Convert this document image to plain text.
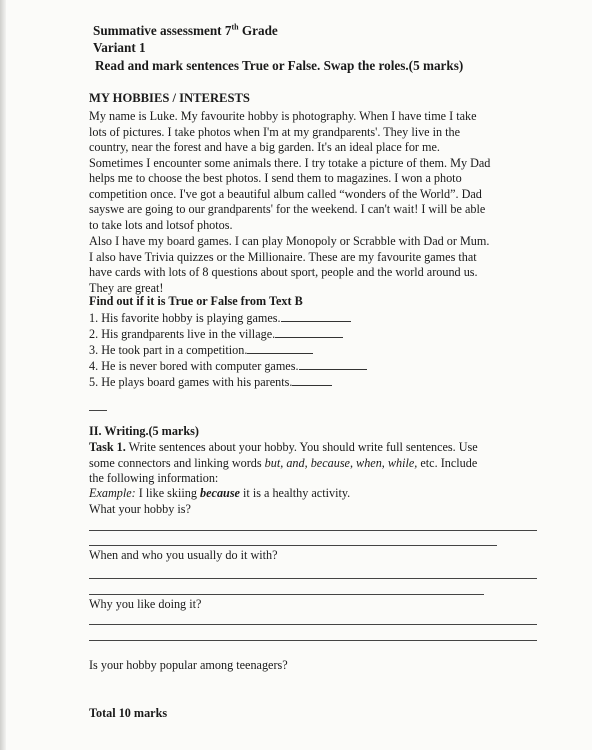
Summative assessment 7th Grade
Variant 1
Read and mark sentences True or False. Swap the roles.(5 marks)
MY HOBBIES / INTERESTS
My name is Luke. My favourite hobby is photography. When I have time I take
lots of pictures. I take photos when I'm at my grandparents'. They live in the
country, near the forest and have a big garden. It's an ideal place for me.
Sometimes I encounter some animals there. I try totake a picture of them. My Dad
helps me to choose the best photos. I send them to magazines. I won a photo
competition once. I've got a beautiful album called “wonders of the World”. Dad
sayswe are going to our grandparents' for the weekend. I can't wait! I will be able
to take lots and lotsof photos.
Also I have my board games. I can play Monopoly or Scrabble with Dad or Mum.
I also have Trivia quizzes or the Millionaire. These are my favourite games that
have cards with lots of 8 questions about sport, people and the world around us.
They are great!
Find out if it is True or False from Text B
1. His favorite hobby is playing games.
2. His grandparents live in the village.
3. He took part in a competition.
4. He is never bored with computer games.
5. He plays board games with his parents.
II. Writing.(5 marks)
Task 1. Write sentences about your hobby. You should write full sentences. Use
some connectors and linking words but, and, because, when, while, etc. Include
the following information:
Example: I like skiing because it is a healthy activity.
What your hobby is?
When and who you usually do it with?
Why you like doing it?
Is your hobby popular among teenagers?
Total 10 marks
